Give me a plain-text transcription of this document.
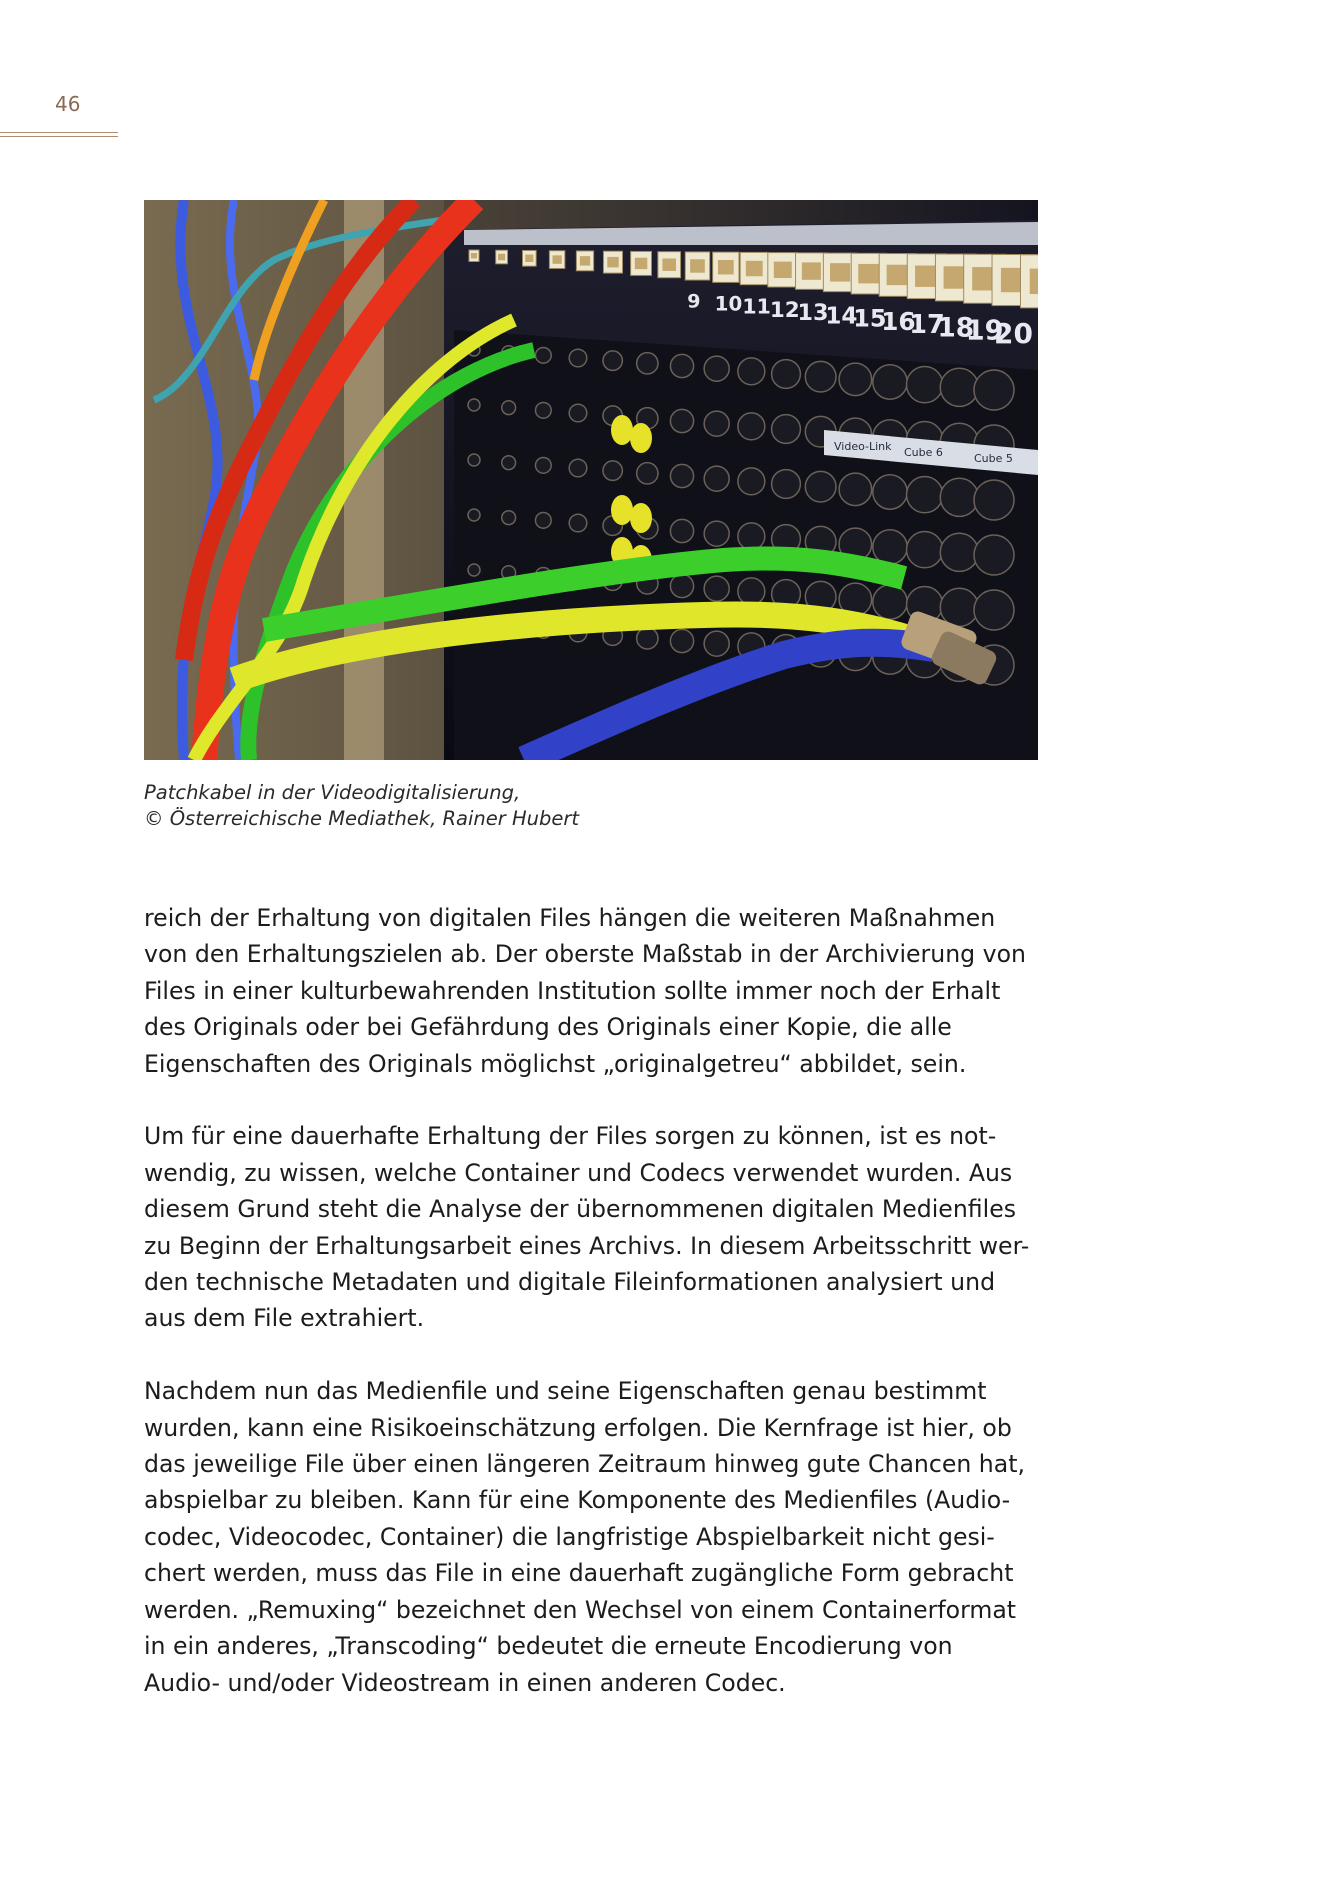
46
9 10 11
12
13
14
15
16
17
18
19
20
Video-Link Cube 6	Cube 5
Patchkabel in der Videodigitalisierung,
© Österreichische Mediathek, Rainer Hubert
reich der Erhaltung von digitalen Files hängen die weiteren Maßnahmen
von den Erhaltungszielen ab. Der oberste Maßstab in der Archivierung von
Files in einer kulturbewahrenden Institution sollte immer noch der Erhalt
des Originals oder bei Gefährdung des Originals einer Kopie, die alle
Eigenschaften des Originals möglichst „originalgetreu“ abbildet, sein.
Um für eine dauerhafte Erhaltung der Files sorgen zu können, ist es not-
wendig, zu wissen, welche Container und Codecs verwendet wurden. Aus
diesem Grund steht die Analyse der übernommenen digitalen Medienfiles
zu Beginn der Erhaltungsarbeit eines Archivs. In diesem Arbeitsschritt wer-
den technische Metadaten und digitale Fileinformationen analysiert und
aus dem File extrahiert.
Nachdem nun das Medienfile und seine Eigenschaften genau bestimmt
wurden, kann eine Risikoeinschätzung erfolgen. Die Kernfrage ist hier, ob
das jeweilige File über einen längeren Zeitraum hinweg gute Chancen hat,
abspielbar zu bleiben. Kann für eine Komponente des Medienfiles (Audio-
codec, Videocodec, Container) die langfristige Abspielbarkeit nicht gesi-
chert werden, muss das File in eine dauerhaft zugängliche Form gebracht
werden. „Remuxing“ bezeichnet den Wechsel von einem Containerformat
in ein anderes, „Transcoding“ bedeutet die erneute Encodierung von
Audio- und/oder Videostream in einen anderen Codec.
